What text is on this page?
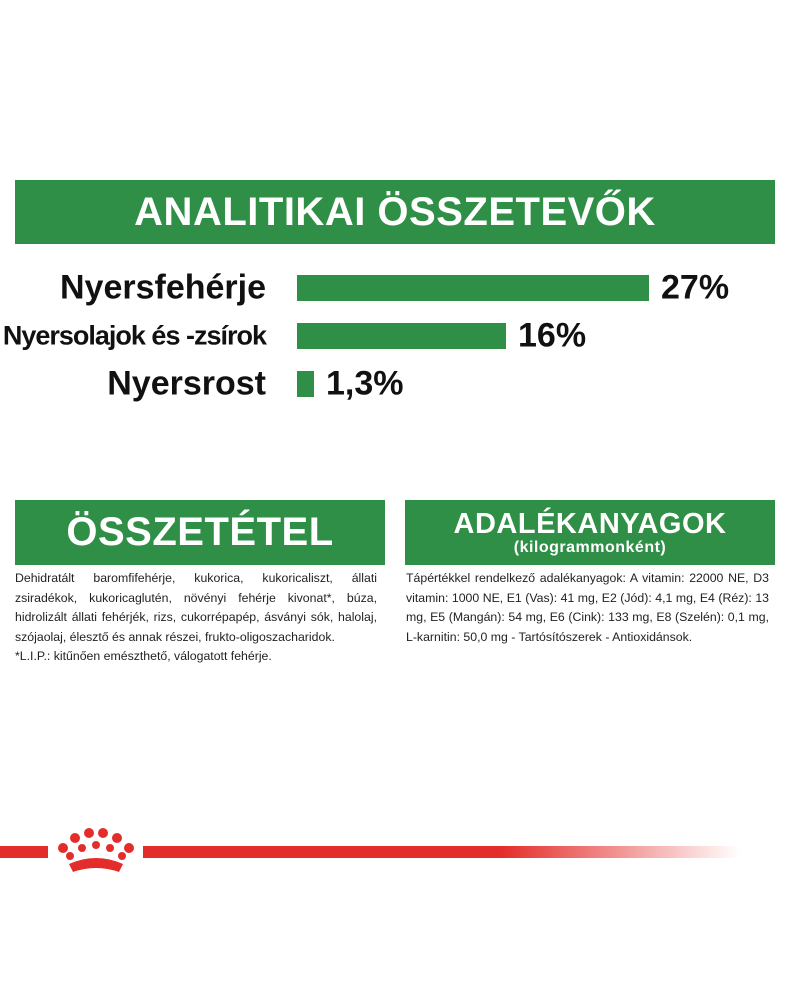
ANALITIKAI ÖSSZETEVŐK
Nyersfehérje	27%
Nyersolajok és -zsírok	16%
Nyersrost 1,3%
ÖSSZETÉTEL
Dehidratált baromfifehérje, kukorica, kukoricaliszt, állati zsiradékok, kukoricaglutén, növényi fehérje kivonat*, búza, hidrolizált állati fehérjék, rizs, cukorrépapép, ásványi sók, halolaj, szójaolaj, élesztő és annak részei, frukto-oligoszacharidok.
*L.I.P.: kitűnően emészthető, válogatott fehérje.
ADALÉKANYAGOK
(kilogrammonként)
Tápértékkel rendelkező adalékanyagok: A vitamin: 22000 NE, D3 vitamin: 1000 NE, E1 (Vas): 41 mg, E2 (Jód): 4,1 mg, E4 (Réz): 13 mg, E5 (Mangán): 54 mg, E6 (Cink): 133 mg, E8 (Szelén): 0,1 mg, L-karnitin: 50,0 mg - Tartósítószerek - Antioxidánsok.
